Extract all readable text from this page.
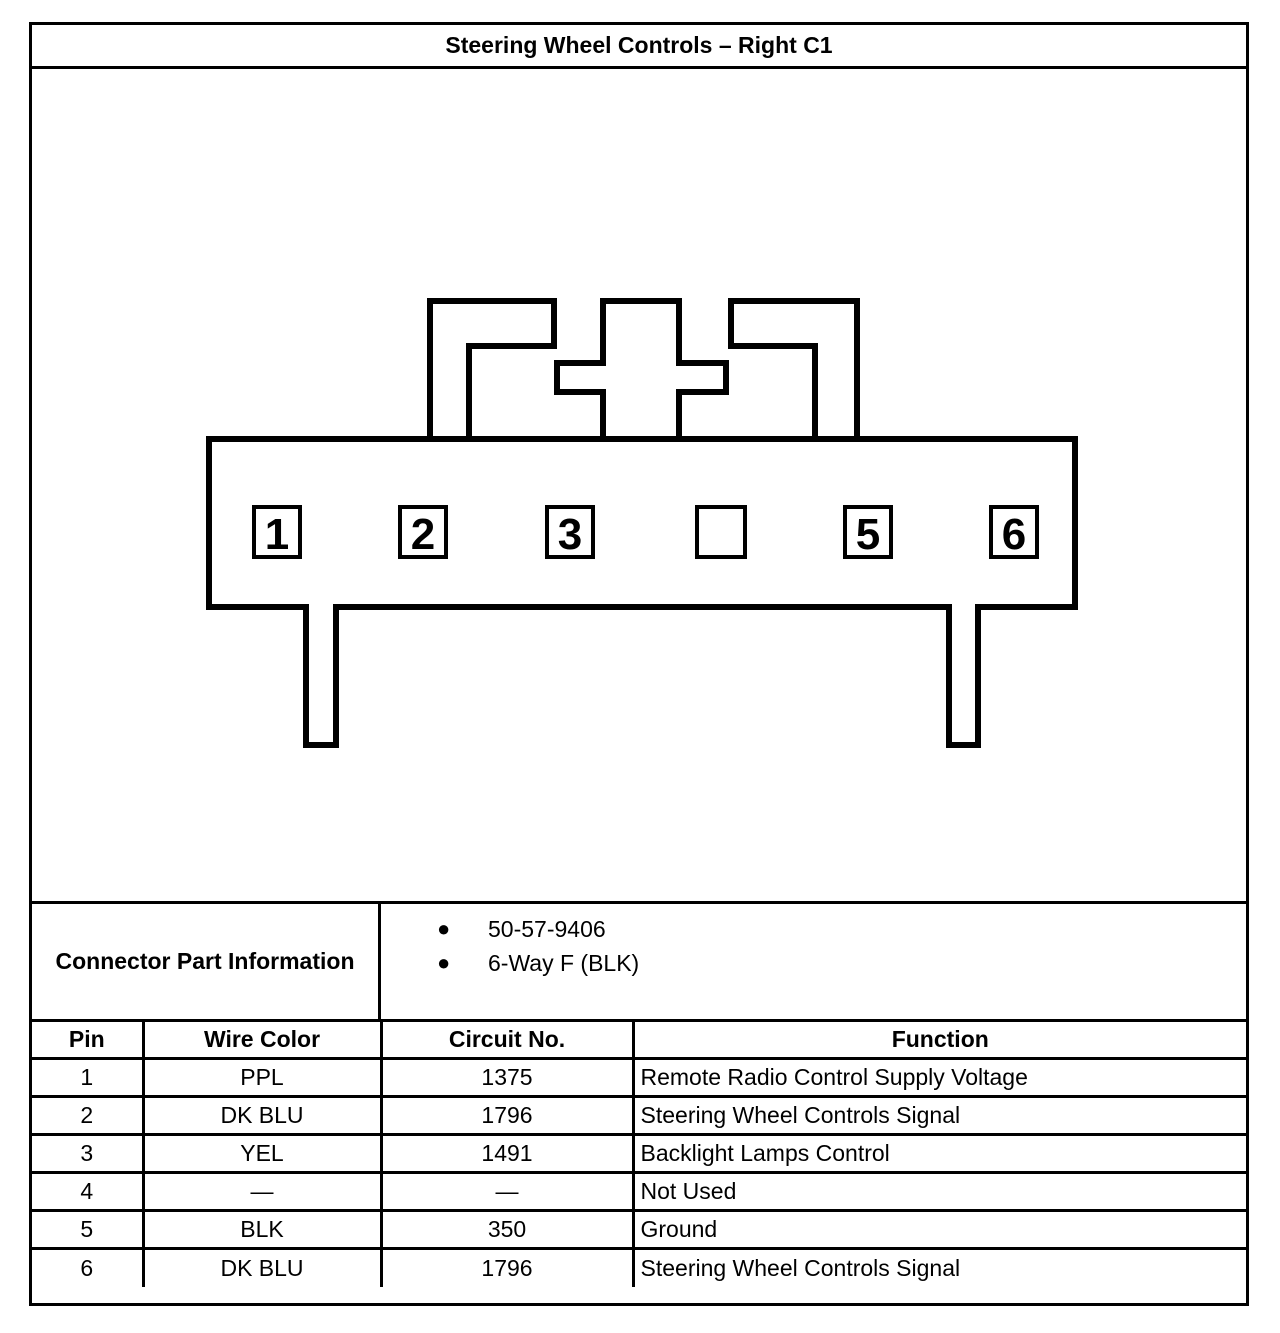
Steering Wheel Controls – Right C1
1	2	3	5	6
Connector Part Information
● 50-57-9406
● 6-Way F (BLK)
Pin	Wire Color	Circuit No.	Function
1	PPL	1375	Remote Radio Control Supply Voltage
2	DK BLU	1796	Steering Wheel Controls Signal
3	YEL	1491	Backlight Lamps Control
4	—	—	Not Used
5	BLK	350	Ground
6	DK BLU	1796	Steering Wheel Controls Signal
